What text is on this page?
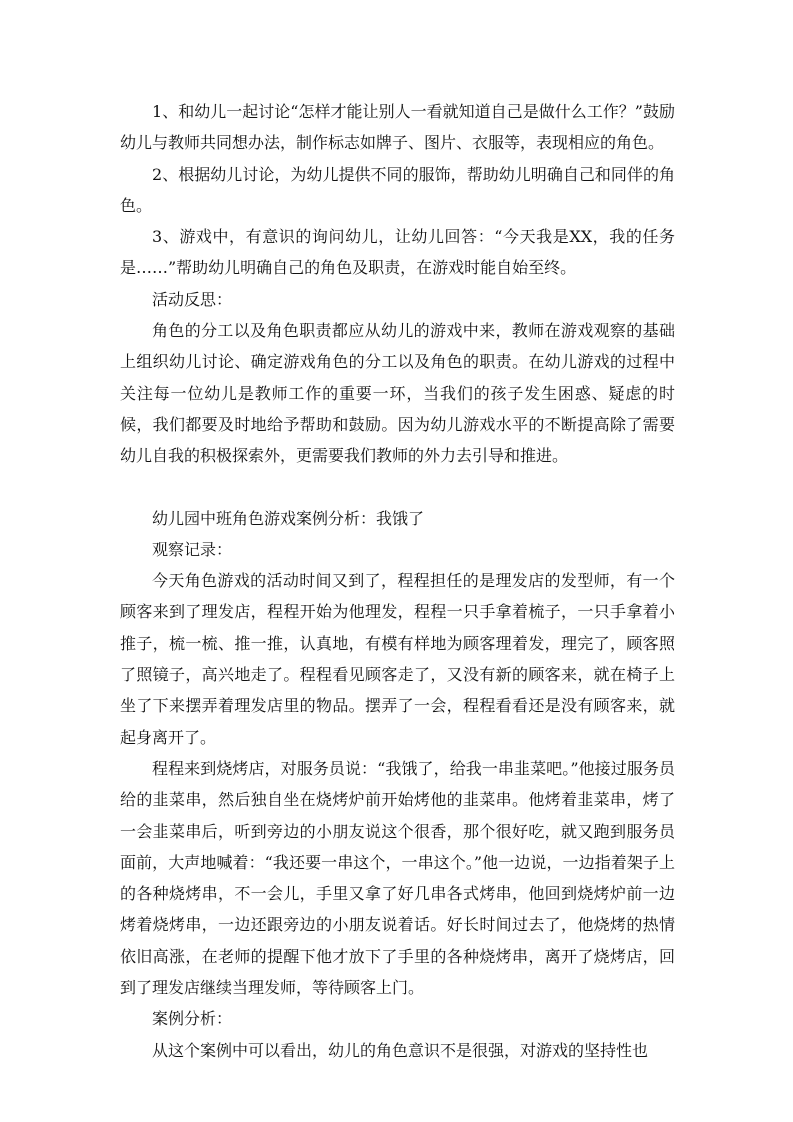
1、和幼儿一起讨论“怎样才能让别人一看就知道自己是做什么工作？”鼓励幼儿与教师共同想办法，制作标志如牌子、图片、衣服等，表现相应的角色。

2、根据幼儿讨论，为幼儿提供不同的服饰，帮助幼儿明确自己和同伴的角色。

3、游戏中，有意识的询问幼儿，让幼儿回答：“今天我是XX，我的任务是……”帮助幼儿明确自己的角色及职责，在游戏时能自始至终。

活动反思：

角色的分工以及角色职责都应从幼儿的游戏中来，教师在游戏观察的基础上组织幼儿讨论、确定游戏角色的分工以及角色的职责。在幼儿游戏的过程中关注每一位幼儿是教师工作的重要一环，当我们的孩子发生困惑、疑虑的时候，我们都要及时地给予帮助和鼓励。因为幼儿游戏水平的不断提高除了需要幼儿自我的积极探索外，更需要我们教师的外力去引导和推进。

幼儿园中班角色游戏案例分析：我饿了

观察记录：

今天角色游戏的活动时间又到了，程程担任的是理发店的发型师，有一个顾客来到了理发店，程程开始为他理发，程程一只手拿着梳子，一只手拿着小推子，梳一梳、推一推，认真地，有模有样地为顾客理着发，理完了，顾客照了照镜子，高兴地走了。程程看见顾客走了，又没有新的顾客来，就在椅子上坐了下来摆弄着理发店里的物品。摆弄了一会，程程看看还是没有顾客来，就起身离开了。

程程来到烧烤店，对服务员说：“我饿了，给我一串韭菜吧。”他接过服务员给的韭菜串，然后独自坐在烧烤炉前开始烤他的韭菜串。他烤着韭菜串，烤了一会韭菜串后，听到旁边的小朋友说这个很香，那个很好吃，就又跑到服务员面前，大声地喊着：“我还要一串这个，一串这个。”他一边说，一边指着架子上的各种烧烤串，不一会儿，手里又拿了好几串各式烤串，他回到烧烤炉前一边烤着烧烤串，一边还跟旁边的小朋友说着话。好长时间过去了，他烧烤的热情依旧高涨，在老师的提醒下他才放下了手里的各种烧烤串，离开了烧烤店，回到了理发店继续当理发师，等待顾客上门。

案例分析：

从这个案例中可以看出，幼儿的角色意识不是很强，对游戏的坚持性也
